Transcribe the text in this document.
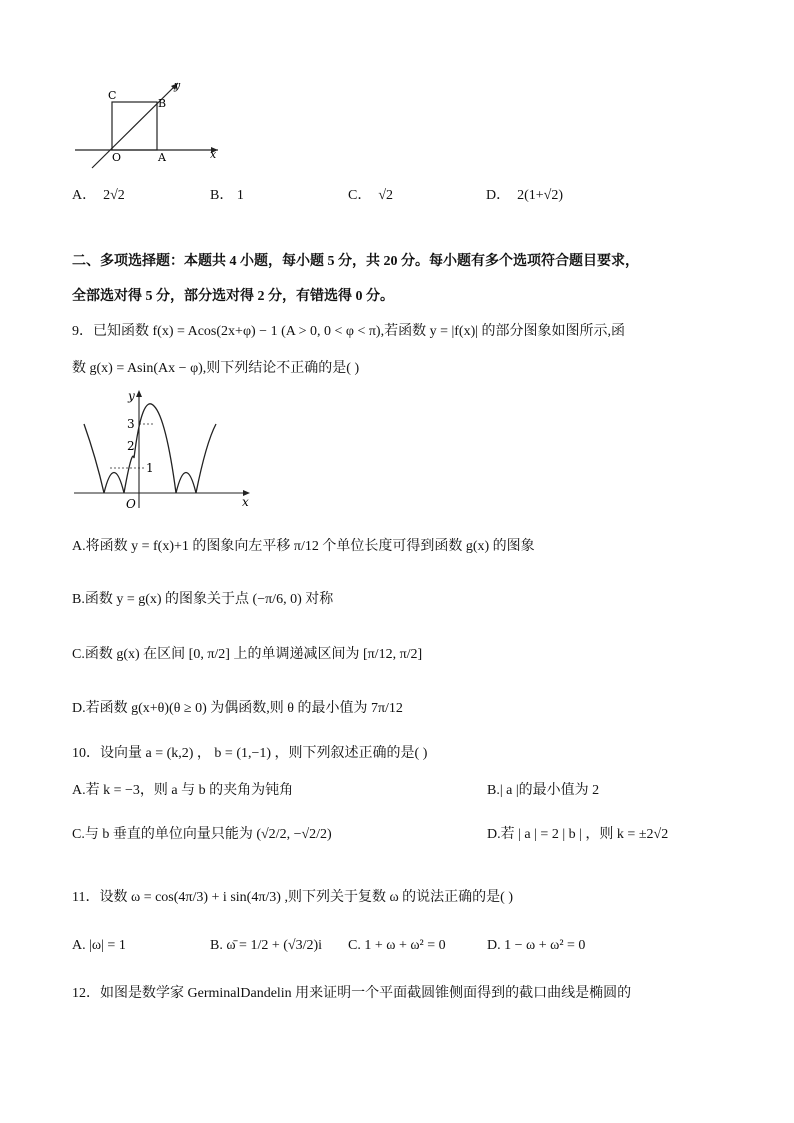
C
B
O	A	x
y
A． 2√2	B． 1	C． √2	D． 2(1+√2)
二、多项选择题：本题共 4 小题，每小题 5 分，共 20 分。每小题有多个选项符合题目要求，
全部选对得 5 分，部分选对得 2 分，有错选得 0 分。
9．已知函数 f(x) = Acos(2x+φ) − 1 (A > 0, 0 < φ < π),若函数 y = |f(x)| 的部分图象如图所示,函
数 g(x) = Asin(Ax − φ),则下列结论不正确的是( )
3
2
1
O	x
y
A.将函数 y = f(x)+1 的图象向左平移 π/12 个单位长度可得到函数 g(x) 的图象
B.函数 y = g(x) 的图象关于点 (−π/6, 0) 对称
C.函数 g(x) 在区间 [0, π/2] 上的单调递减区间为 [π/12, π/2]
D.若函数 g(x+θ)(θ ≥ 0) 为偶函数,则 θ 的最小值为 7π/12
10．设向量 a = (k,2) ， b = (1,−1) ，则下列叙述正确的是( )
A.若 k = −3，则 a 与 b 的夹角为钝角	B.| a |的最小值为 2
C.与 b 垂直的单位向量只能为 (√2/2, −√2/2)	D.若 | a | = 2 | b | ，则 k = ±2√2
11．设数 ω = cos(4π/3) + i sin(4π/3) ,则下列关于复数 ω 的说法正确的是( )
A. |ω| = 1	B. ω̄ = 1/2 + (√3/2)i C. 1 + ω + ω² = 0	D. 1 − ω + ω² = 0
12．如图是数学家 GerminalDandelin 用来证明一个平面截圆锥侧面得到的截口曲线是椭圆的
